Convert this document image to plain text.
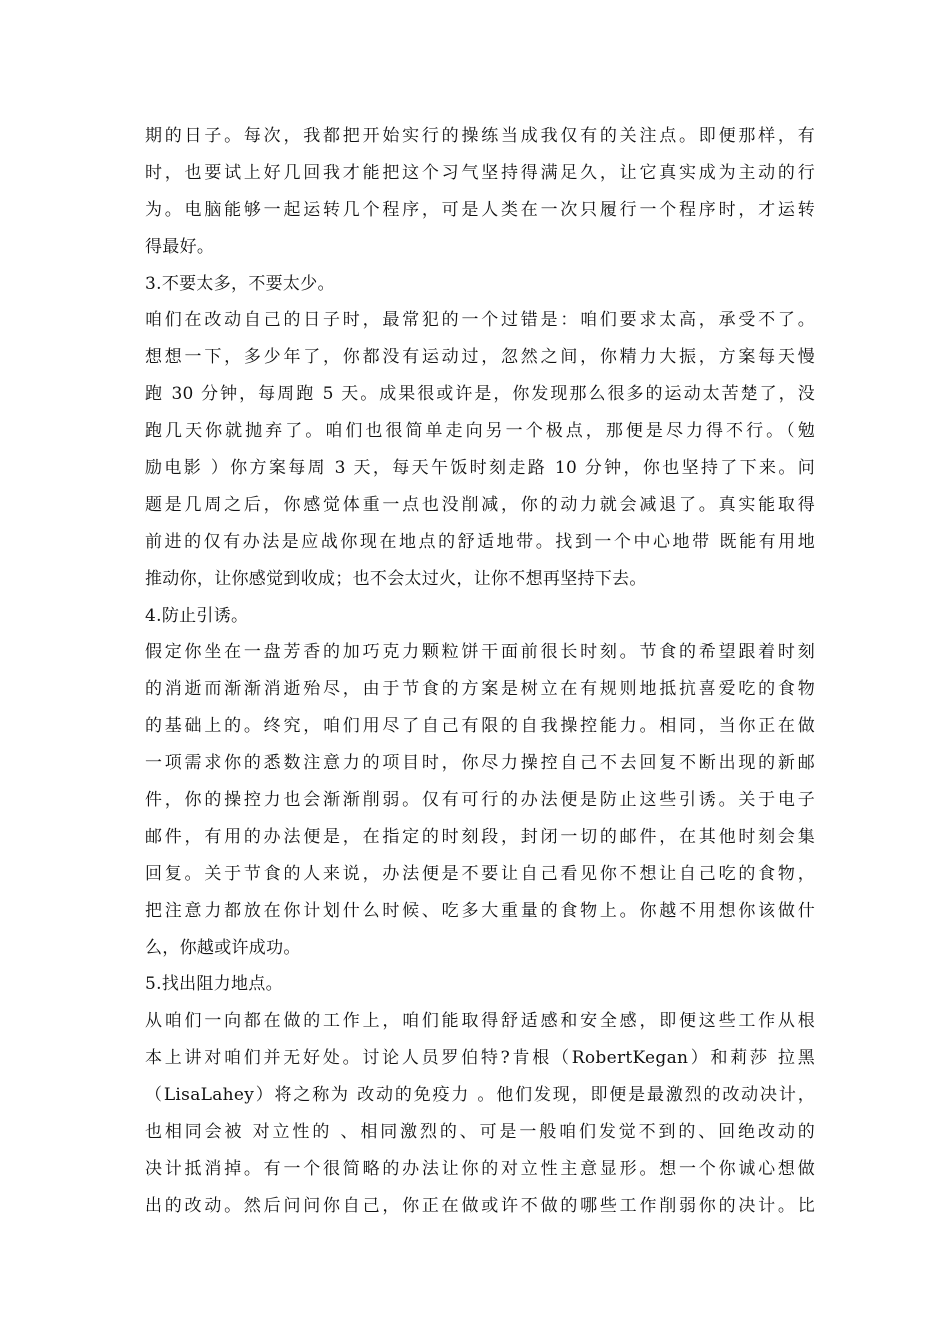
期的日子。每次，我都把开始实行的操练当成我仅有的关注点。即便那样，有
时，也要试上好几回我才能把这个习气坚持得满足久，让它真实成为主动的行
为。电脑能够一起运转几个程序，可是人类在一次只履行一个程序时，才运转
得最好。
3.不要太多，不要太少。
咱们在改动自己的日子时，最常犯的一个过错是：咱们要求太高，承受不了。
想想一下，多少年了，你都没有运动过，忽然之间，你精力大振，方案每天慢
跑 30 分钟，每周跑 5 天。成果很或许是，你发现那么很多的运动太苦楚了，没
跑几天你就抛弃了。咱们也很简单走向另一个极点，那便是尽力得不行。（勉
励电影 ）你方案每周 3 天，每天午饭时刻走路 10 分钟，你也坚持了下来。问
题是几周之后，你感觉体重一点也没削减，你的动力就会减退了。真实能取得
前进的仅有办法是应战你现在地点的舒适地带。找到一个中心地带 既能有用地
推动你，让你感觉到收成；也不会太过火，让你不想再坚持下去。
4.防止引诱。
假定你坐在一盘芳香的加巧克力颗粒饼干面前很长时刻。节食的希望跟着时刻
的消逝而渐渐消逝殆尽，由于节食的方案是树立在有规则地抵抗喜爱吃的食物
的基础上的。终究，咱们用尽了自己有限的自我操控能力。相同，当你正在做
一项需求你的悉数注意力的项目时，你尽力操控自己不去回复不断出现的新邮
件，你的操控力也会渐渐削弱。仅有可行的办法便是防止这些引诱。关于电子
邮件，有用的办法便是，在指定的时刻段，封闭一切的邮件，在其他时刻会集
回复。关于节食的人来说，办法便是不要让自己看见你不想让自己吃的食物，
把注意力都放在你计划什么时候、吃多大重量的食物上。你越不用想你该做什
么，你越或许成功。
5.找出阻力地点。
从咱们一向都在做的工作上，咱们能取得舒适感和安全感，即便这些工作从根
本上讲对咱们并无好处。讨论人员罗伯特?肯根（RobertKegan）和莉莎 拉黑
（LisaLahey）将之称为 改动的免疫力 。他们发现，即便是最激烈的改动决计，
也相同会被 对立性的 、相同激烈的、可是一般咱们发觉不到的、回绝改动的
决计抵消掉。有一个很简略的办法让你的对立性主意显形。想一个你诚心想做
出的改动。然后问问你自己，你正在做或许不做的哪些工作削弱你的决计。比
